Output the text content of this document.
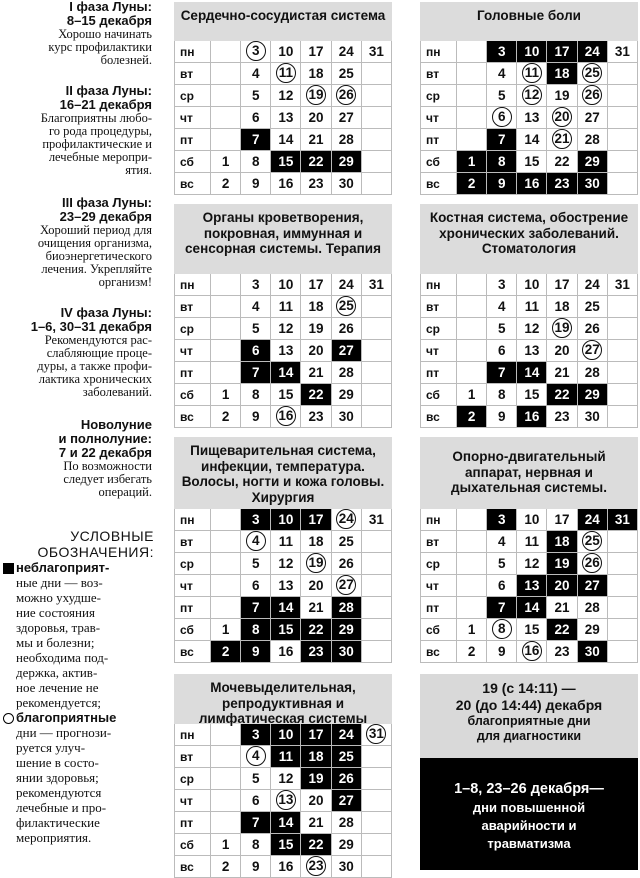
I фаза Луны:
8–15 декабря
Хорошо начинать
курс профилактики
болезней.
II фаза Луны:
16–21 декабря
Благоприятны любо-
го рода процедуры,
профилактические и
лечебные меропри-
ятия.
III фаза Луны:
23–29 декабря
Хороший период для
очищения организма,
биоэнергетического
лечения. Укрепляйте
организм!
IV фаза Луны:
1–6, 30–31 декабря
Рекомендуются рас-
слабляющие проце-
дуры, а также профи-
лактика хронических
заболеваний.
Новолуние
и полнолуние:
7 и 22 декабря
По возможности
следует избегать
операций.
УСЛОВНЫЕ
ОБОЗНАЧЕНИЯ:
неблагоприят-
ные дни — воз-
можно ухудше-
ние состояния
здоровья, трав-
мы и болезни;
необходима под-
держка, актив-
ное лечение не
рекомендуется;
благоприятные
дни — прогнози-
руется улуч-
шение в состо-
янии здоровья;
рекомендуются
лечебные и про-
филактические
мероприятия.
Сердечно-сосудистая система
пн		3	10	17	24	31
вт		4	11	18	25	
ср		5	12	19	26	
чт		6	13	20	27	
пт		7	14	21	28	
сб	1	8	15	22	29	
вс	2	9	16	23	30	
Головные боли
пн		3	10	17	24	31
вт		4	11	18	25	
ср		5	12	19	26	
чт		6	13	20	27	
пт		7	14	21	28	
сб	1	8	15	22	29	
вс	2	9	16	23	30	
Органы кроветворения, покровная, иммунная и сенсорная системы. Терапия
пн		3	10	17	24	31
вт		4	11	18	25	
ср		5	12	19	26	
чт		6	13	20	27	
пт		7	14	21	28	
сб	1	8	15	22	29	
вс	2	9	16	23	30	
Костная система, обострение хронических заболеваний. Стоматология
пн		3	10	17	24	31
вт		4	11	18	25	
ср		5	12	19	26	
чт		6	13	20	27	
пт		7	14	21	28	
сб	1	8	15	22	29	
вс	2	9	16	23	30	
Пищеварительная система, инфекции, температура. Волосы, ногти и кожа головы. Хирургия
пн		3	10	17	24	31
вт		4	11	18	25	
ср		5	12	19	26	
чт		6	13	20	27	
пт		7	14	21	28	
сб	1	8	15	22	29	
вс	2	9	16	23	30	
Опорно-двигательный аппарат, нервная и дыхательная системы.
пн		3	10	17	24	31
вт		4	11	18	25	
ср		5	12	19	26	
чт		6	13	20	27	
пт		7	14	21	28	
сб	1	8	15	22	29	
вс	2	9	16	23	30	
Мочевыделительная, репродуктивная и лимфатическая системы
пн		3	10	17	24	31
вт		4	11	18	25	
ср		5	12	19	26	
чт		6	13	20	27	
пт		7	14	21	28	
сб	1	8	15	22	29	
вс	2	9	16	23	30	
19 (с 14:11) —
20 (до 14:44) декабря
благоприятные дни
для диагностики
1–8, 23–26 декабря—
дни повышенной
аварийности и
травматизма
